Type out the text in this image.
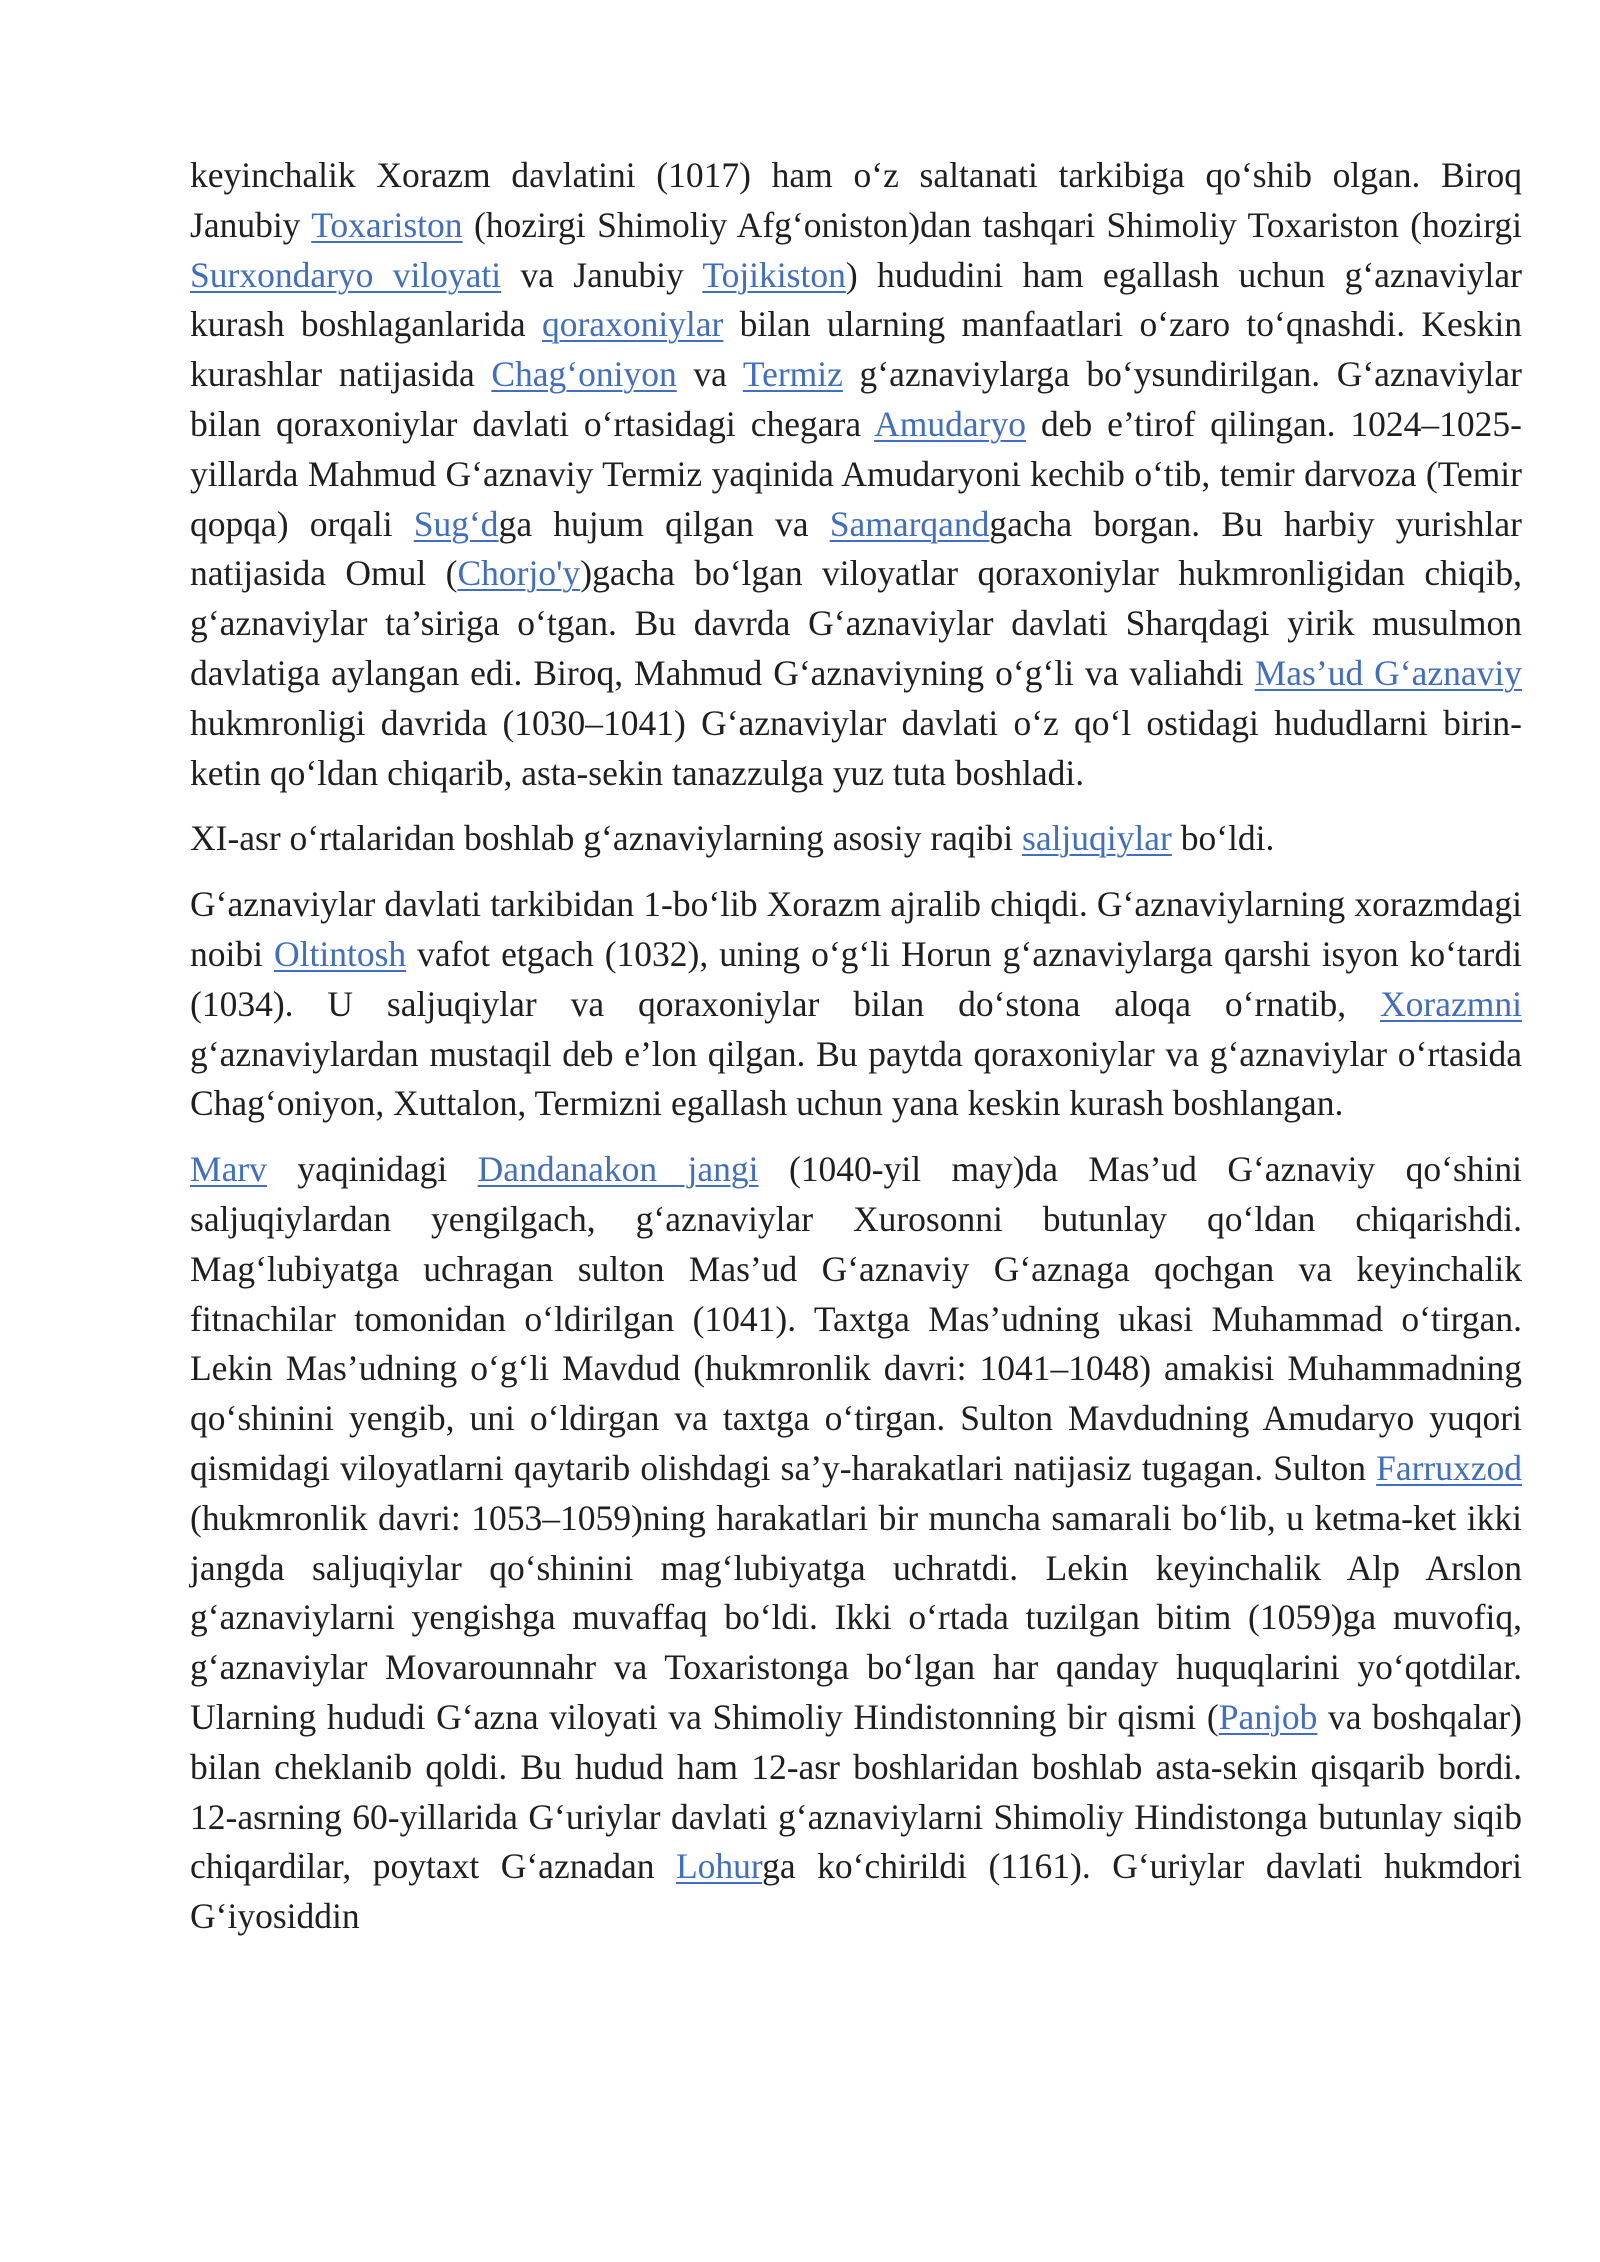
keyinchalik Xorazm davlatini (1017) ham o‘z saltanati tarkibiga qo‘shib olgan. Biroq Janubiy Toxariston (hozirgi Shimoliy Afg‘oniston)dan tashqari Shimoliy Toxariston (hozirgi Surxondaryo viloyati va Janubiy Tojikiston) hududini ham egallash uchun g‘aznaviylar kurash boshlaganlarida qoraxoniylar bilan ularning manfaatlari o‘zaro to‘qnashdi. Keskin kurashlar natijasida Chag‘oniyon va Termiz g‘aznaviylarga bo‘ysundirilgan. G‘aznaviylar bilan qoraxoniylar davlati o‘rtasidagi chegara Amudaryo deb e’tirof qilingan. 1024–1025-yillarda Mahmud G‘aznaviy Termiz yaqinida Amudaryoni kechib o‘tib, temir darvoza (Temir qopqa) orqali Sug‘dga hujum qilgan va Samarqandgacha borgan. Bu harbiy yurishlar natijasida Omul (Chorjo'y)gacha bo‘lgan viloyatlar qoraxoniylar hukmronligidan chiqib, g‘aznaviylar ta’siriga o‘tgan. Bu davrda G‘aznaviylar davlati Sharqdagi yirik musulmon davlatiga aylangan edi. Biroq, Mahmud G‘aznaviyning o‘g‘li va valiahdi Mas’ud G‘aznaviy hukmronligi davrida (1030–1041) G‘aznaviylar davlati o‘z qo‘l ostidagi hududlarni birin-ketin qo‘ldan chiqarib, asta-sekin tanazzulga yuz tuta boshladi.

XI-asr o‘rtalaridan boshlab g‘aznaviylarning asosiy raqibi saljuqiylar bo‘ldi.

G‘aznaviylar davlati tarkibidan 1-bo‘lib Xorazm ajralib chiqdi. G‘aznaviylarning xorazmdagi noibi Oltintosh vafot etgach (1032), uning o‘g‘li Horun g‘aznaviylarga qarshi isyon ko‘tardi (1034). U saljuqiylar va qoraxoniylar bilan do‘stona aloqa o‘rnatib, Xorazmni g‘aznaviylardan mustaqil deb e’lon qilgan. Bu paytda qoraxoniylar va g‘aznaviylar o‘rtasida Chag‘oniyon, Xuttalon, Termizni egallash uchun yana keskin kurash boshlangan.

Marv yaqinidagi Dandanakon jangi (1040-yil may)da Mas’ud G‘aznaviy qo‘shini saljuqiylardan yengilgach, g‘aznaviylar Xurosonni butunlay qo‘ldan chiqarishdi. Mag‘lubiyatga uchragan sulton Mas’ud G‘aznaviy G‘aznaga qochgan va keyinchalik fitnachilar tomonidan o‘ldirilgan (1041). Taxtga Mas’udning ukasi Muhammad o‘tirgan. Lekin Mas’udning o‘g‘li Mavdud (hukmronlik davri: 1041–1048) amakisi Muhammadning qo‘shinini yengib, uni o‘ldirgan va taxtga o‘tirgan. Sulton Mavdudning Amudaryo yuqori qismidagi viloyatlarni qaytarib olishdagi sa’y-harakatlari natijasiz tugagan. Sulton Farruxzod (hukmronlik davri: 1053–1059)ning harakatlari bir muncha samarali bo‘lib, u ketma-ket ikki jangda saljuqiylar qo‘shinini mag‘lubiyatga uchratdi. Lekin keyinchalik Alp Arslon g‘aznaviylarni yengishga muvaffaq bo‘ldi. Ikki o‘rtada tuzilgan bitim (1059)ga muvofiq, g‘aznaviylar Movarounnahr va Toxaristonga bo‘lgan har qanday huquqlarini yo‘qotdilar. Ularning hududi G‘azna viloyati va Shimoliy Hindistonning bir qismi (Panjob va boshqalar) bilan cheklanib qoldi. Bu hudud ham 12-asr boshlaridan boshlab asta-sekin qisqarib bordi. 12-asrning 60-yillarida G‘uriylar davlati g‘aznaviylarni Shimoliy Hindistonga butunlay siqib chiqardilar, poytaxt G‘aznadan Lohurga ko‘chirildi (1161). G‘uriylar davlati hukmdori G‘iyosiddin
